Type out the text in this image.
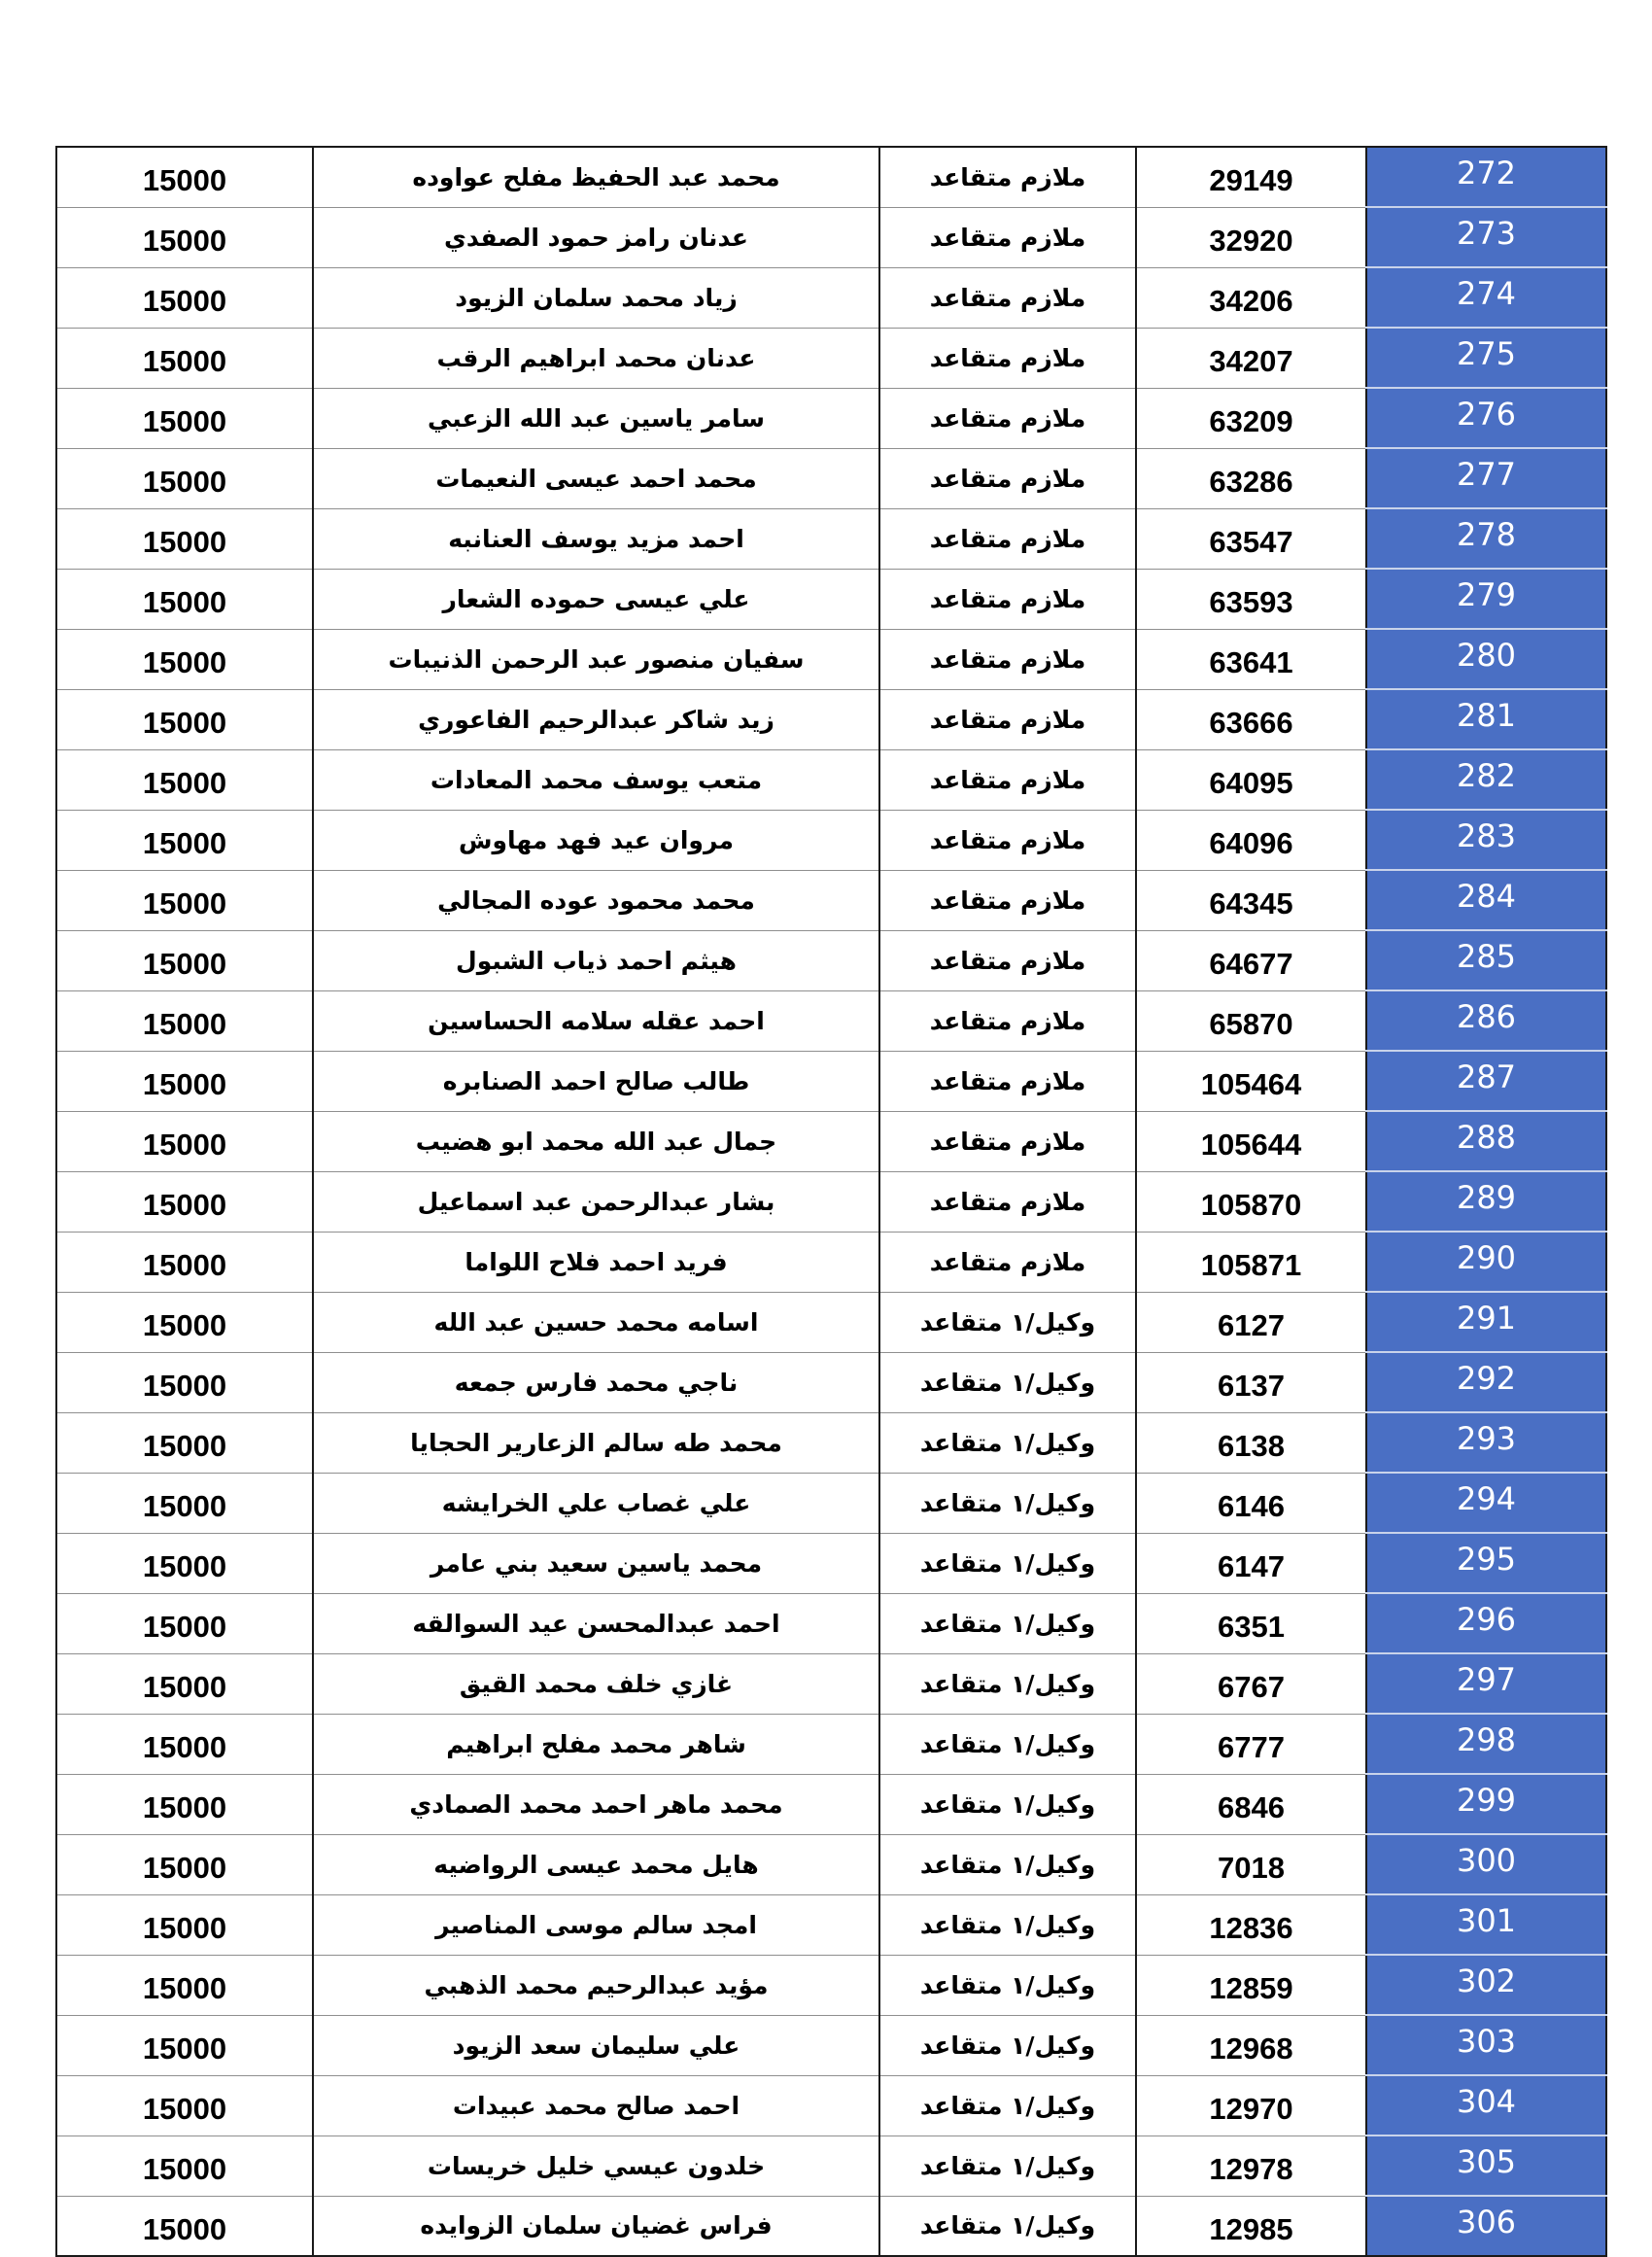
272	29149	ملازم متقاعد	محمد عبد الحفيظ مفلح عواوده	15000
273	32920	ملازم متقاعد	عدنان رامز حمود الصفدي	15000
274	34206	ملازم متقاعد	زياد محمد سلمان الزيود	15000
275	34207	ملازم متقاعد	عدنان محمد ابراهيم الرقب	15000
276	63209	ملازم متقاعد	سامر ياسين عبد الله الزعبي	15000
277	63286	ملازم متقاعد	محمد احمد عيسى النعيمات	15000
278	63547	ملازم متقاعد	احمد مزيد يوسف العنانبه	15000
279	63593	ملازم متقاعد	علي عيسى حموده الشعار	15000
280	63641	ملازم متقاعد	سفيان منصور عبد الرحمن الذنيبات	15000
281	63666	ملازم متقاعد	زيد شاكر عبدالرحيم الفاعوري	15000
282	64095	ملازم متقاعد	متعب يوسف محمد المعادات	15000
283	64096	ملازم متقاعد	مروان عيد فهد مهاوش	15000
284	64345	ملازم متقاعد	محمد محمود عوده المجالي	15000
285	64677	ملازم متقاعد	هيثم احمد ذياب الشبول	15000
286	65870	ملازم متقاعد	احمد عقله سلامه الحساسين	15000
287	105464	ملازم متقاعد	طالب صالح احمد الصنابره	15000
288	105644	ملازم متقاعد	جمال عبد الله محمد ابو هضيب	15000
289	105870	ملازم متقاعد	بشار عبدالرحمن عبد اسماعيل	15000
290	105871	ملازم متقاعد	فريد احمد فلاح اللواما	15000
291	6127	وكيل/١ متقاعد	اسامه محمد حسين عبد الله	15000
292	6137	وكيل/١ متقاعد	ناجي محمد فارس جمعه	15000
293	6138	وكيل/١ متقاعد	محمد طه سالم الزعارير الحجايا	15000
294	6146	وكيل/١ متقاعد	علي غصاب علي الخرايشه	15000
295	6147	وكيل/١ متقاعد	محمد ياسين سعيد بني عامر	15000
296	6351	وكيل/١ متقاعد	احمد عبدالمحسن عيد السوالقه	15000
297	6767	وكيل/١ متقاعد	غازي خلف محمد القيق	15000
298	6777	وكيل/١ متقاعد	شاهر محمد مفلح ابراهيم	15000
299	6846	وكيل/١ متقاعد	محمد ماهر احمد محمد الصمادي	15000
300	7018	وكيل/١ متقاعد	هايل محمد عيسى الرواضيه	15000
301	12836	وكيل/١ متقاعد	امجد سالم موسى المناصير	15000
302	12859	وكيل/١ متقاعد	مؤيد عبدالرحيم محمد الذهبي	15000
303	12968	وكيل/١ متقاعد	علي سليمان سعد الزيود	15000
304	12970	وكيل/١ متقاعد	احمد صالح محمد عبيدات	15000
305	12978	وكيل/١ متقاعد	خلدون عيسي خليل خريسات	15000
306	12985	وكيل/١ متقاعد	فراس غضيان سلمان الزوايده	15000
